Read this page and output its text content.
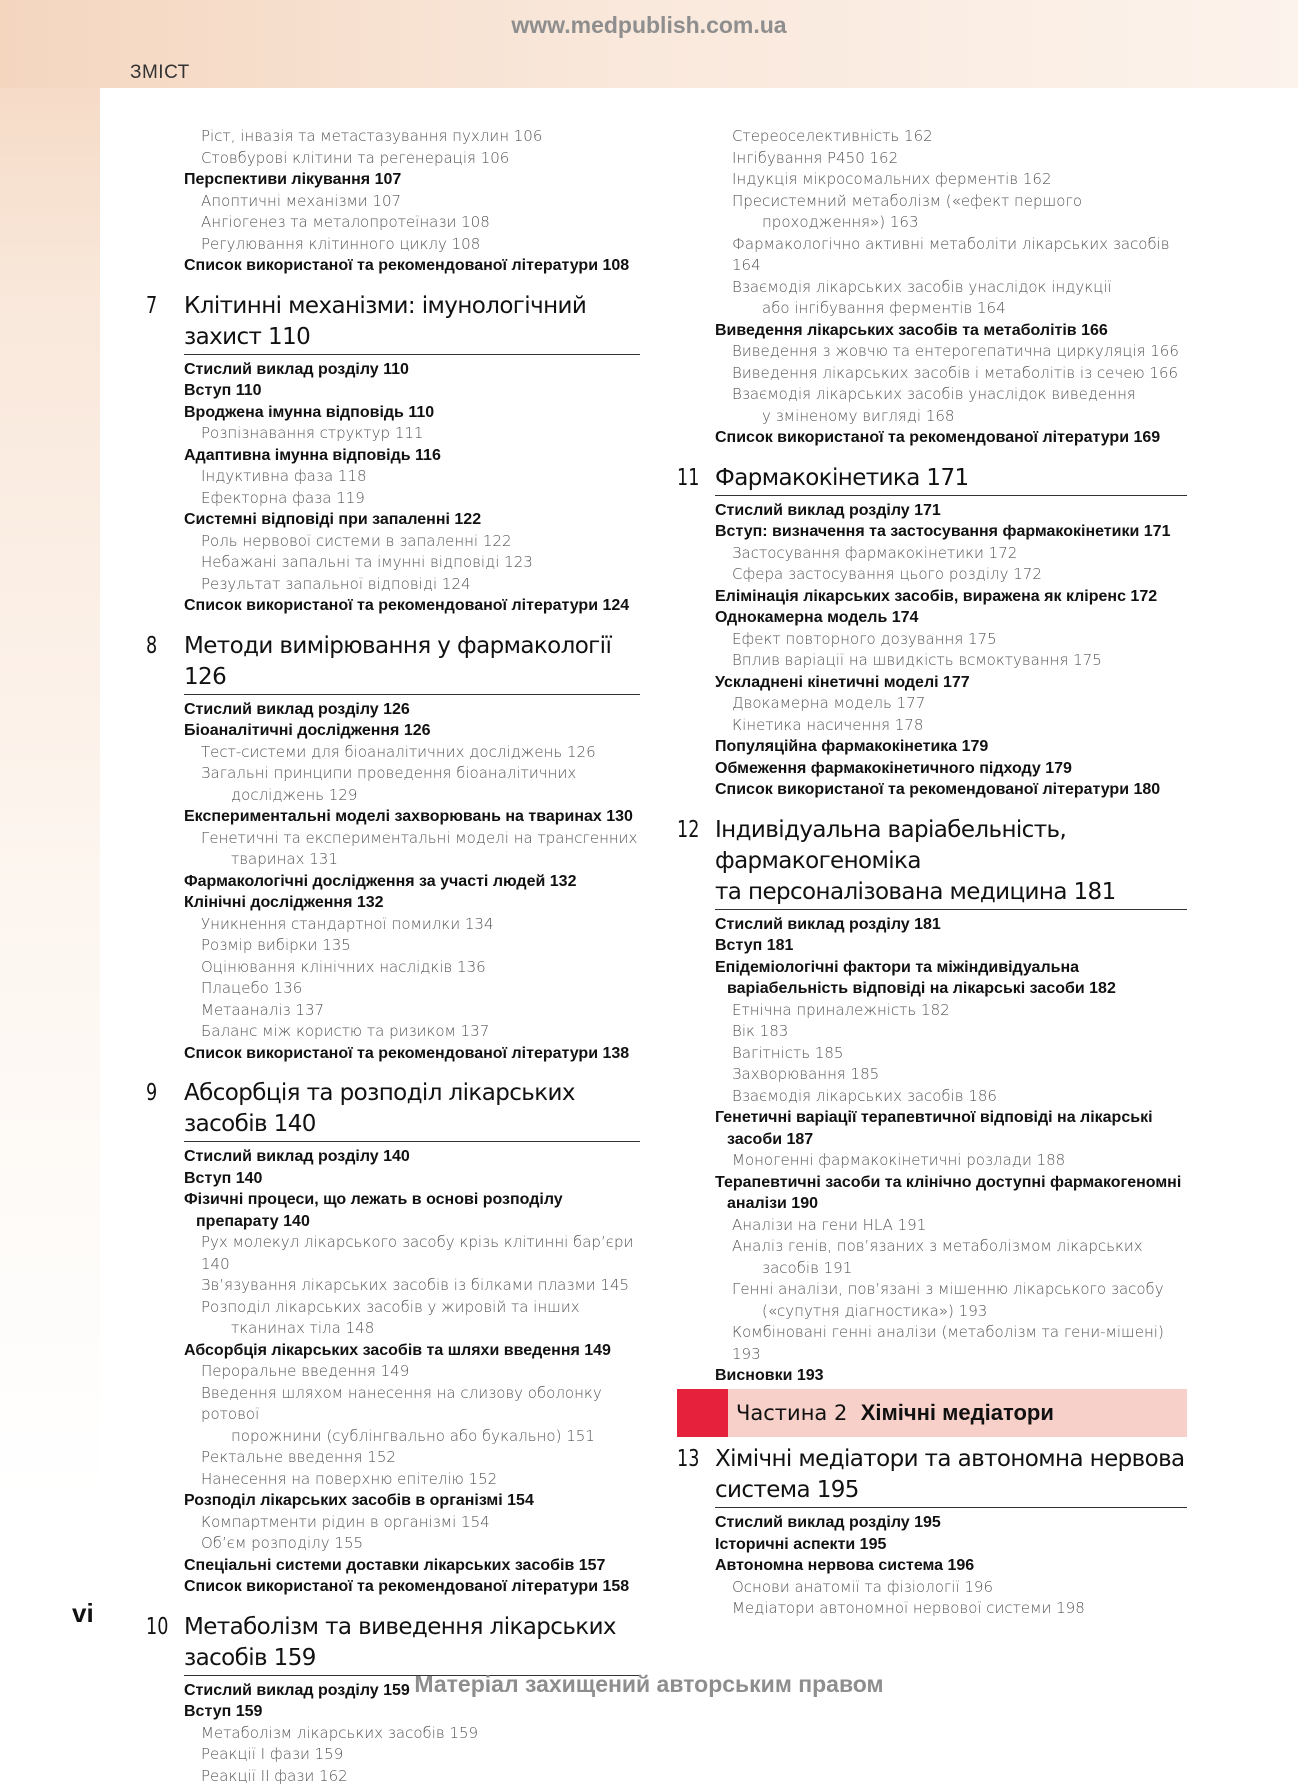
www.medpublish.com.ua
ЗМІСТ
Ріст, інвазія та метастазування пухлин 106
Стовбурові клітини та регенерація 106
Перспективи лікування 107
Апоптичні механізми 107
Ангіогенез та металопротеїнази 108
Регулювання клітинного циклу 108
Список використаної та рекомендованої літератури 108
7	Клітинні механізми: імунологічний захист 110
Стислий виклад розділу 110
Вступ 110
Вроджена імунна відповідь 110
Розпізнавання структур 111
Адаптивна імунна відповідь 116
Індуктивна фаза 118
Ефекторна фаза 119
Системні відповіді при запаленні 122
Роль нервової системи в запаленні 122
Небажані запальні та імунні відповіді 123
Результат запальної відповіді 124
Список використаної та рекомендованої літератури 124
8	Методи вимірювання у фармакології 126
Стислий виклад розділу 126
Біоаналітичні дослідження 126
Тест-системи для біоаналітичних досліджень 126
Загальні принципи проведення біоаналітичних
досліджень 129
Експериментальні моделі захворювань на тваринах 130
Генетичні та експериментальні моделі на трансгенних
тваринах 131
Фармакологічні дослідження за участі людей 132
Клінічні дослідження 132
Уникнення стандартної помилки 134
Розмір вибірки 135
Оцінювання клінічних наслідків 136
Плацебо 136
Метааналіз 137
Баланс між користю та ризиком 137
Список використаної та рекомендованої літератури 138
9	Абсорбція та розподіл лікарських засобів 140
Стислий виклад розділу 140
Вступ 140
Фізичні процеси, що лежать в основі розподілу
препарату 140
Рух молекул лікарського засобу крізь клітинні бар’єри 140
Зв’язування лікарських засобів із білками плазми 145
Розподіл лікарських засобів у жировій та інших
тканинах тіла 148
Абсорбція лікарських засобів та шляхи введення 149
Пероральне введення 149
Введення шляхом нанесення на слизову оболонку ротової
порожнини (сублінгвально або букально) 151
Ректальне введення 152
Нанесення на поверхню епітелію 152
Розподіл лікарських засобів в організмі 154
Компартменти рідин в організмі 154
Об’єм розподілу 155
Спеціальні системи доставки лікарських засобів 157
Список використаної та рекомендованої літератури 158
10 Метаболізм та виведення лікарських засобів 159
Стислий виклад розділу 159
Вступ 159
Метаболізм лікарських засобів 159
Реакції І фази 159
Реакції ІІ фази 162
Стереоселективність 162
Інгібування Р450 162
Індукція мікросомальних ферментів 162
Пресистемний метаболізм («ефект першого
проходження») 163
Фармакологічно активні метаболіти лікарських засобів 164
Взаємодія лікарських засобів унаслідок індукції
або інгібування ферментів 164
Виведення лікарських засобів та метаболітів 166
Виведення з жовчю та ентерогепатична циркуляція 166
Виведення лікарських засобів і метаболітів із сечею 166
Взаємодія лікарських засобів унаслідок виведення
у зміненому вигляді 168
Список використаної та рекомендованої літератури 169
11 Фармакокінетика 171
Стислий виклад розділу 171
Вступ: визначення та застосування фармакокінетики 171
Застосування фармакокінетики 172
Сфера застосування цього розділу 172
Елімінація лікарських засобів, виражена як кліренс 172
Однокамерна модель 174
Ефект повторного дозування 175
Вплив варіації на швидкість всмоктування 175
Ускладнені кінетичні моделі 177
Двокамерна модель 177
Кінетика насичення 178
Популяційна фармакокінетика 179
Обмеження фармакокінетичного підходу 179
Список використаної та рекомендованої літератури 180
12 Індивідуальна варіабельність, фармакогеноміка
та персоналізована медицина 181
Стислий виклад розділу 181
Вступ 181
Епідеміологічні фактори та міжіндивідуальна
варіабельність відповіді на лікарські засоби 182
Етнічна приналежність 182
Вік 183
Вагітність 185
Захворювання 185
Взаємодія лікарських засобів 186
Генетичні варіації терапевтичної відповіді на лікарські
засоби 187
Моногенні фармакокінетичні розлади 188
Терапевтичні засоби та клінічно доступні фармакогеномні
аналізи 190
Аналізи на гени HLA 191
Аналіз генів, пов’язаних з метаболізмом лікарських
засобів 191
Генні аналізи, пов’язані з мішенню лікарського засобу
(«супутня діагностика») 193
Комбіновані генні аналізи (метаболізм та гени-мішені) 193
Висновки 193
Частина 2 Хімічні медіатори
13 Хімічні медіатори та автономна нервова
система 195
Стислий виклад розділу 195
Історичні аспекти 195
Автономна нервова система 196
Основи анатомії та фізіології 196
Медіатори автономної нервової системи 198
vi
Матеріал захищений авторським правом
